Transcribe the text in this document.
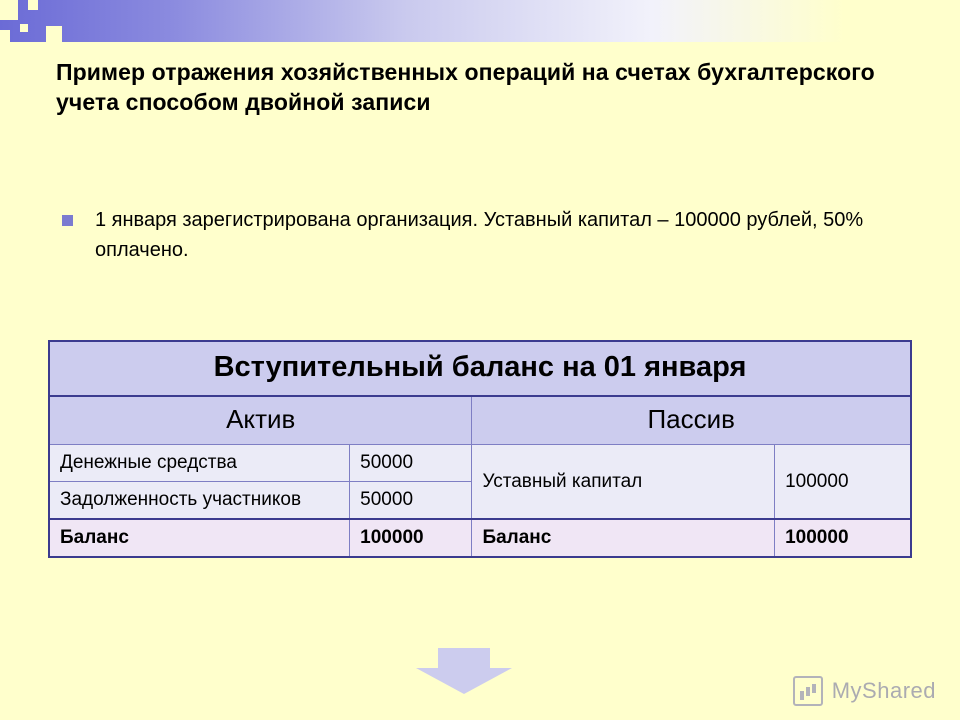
Пример отражения хозяйственных операций на счетах бухгалтерского учета способом двойной записи
1 января зарегистрирована организация. Уставный капитал – 100000 рублей, 50% оплачено.
Вступительный баланс на 01 января			
Актив		Пассив	
Денежные средства	50000	Уставный капитал	100000
Задолженность участников	50000		
Баланс	100000	Баланс	100000
MyShared
